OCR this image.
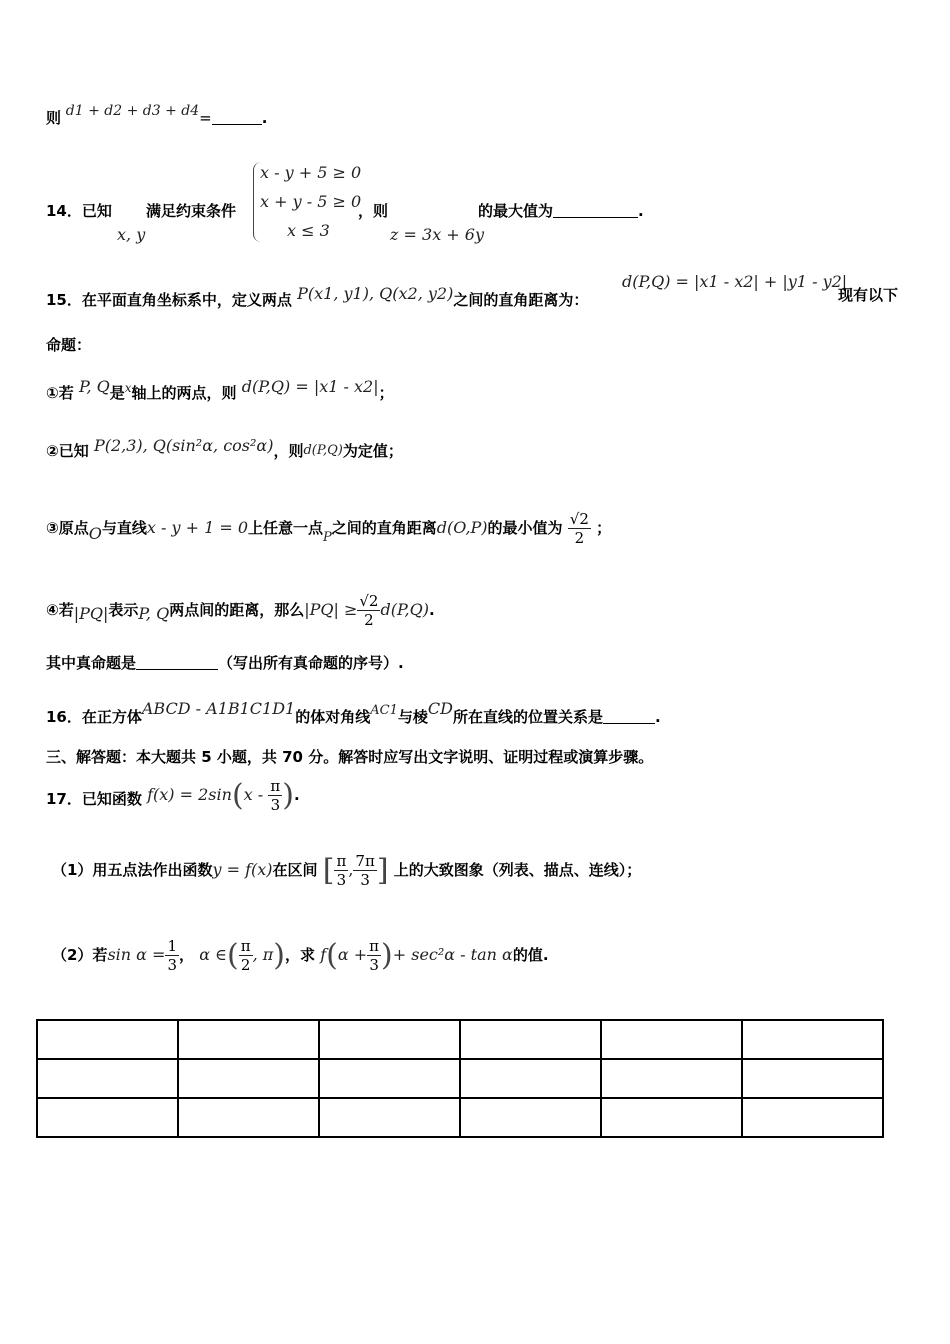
则 d1 + d2 + d3 + d4=	.
14．已知
x, y
满足约束条件
x - y + 5 ≥ 0
x + y - 5 ≥ 0
x ≤ 3
，则
z = 3x + 6y
的最大值为	.
15．在平面直角坐标系中，定义两点 P(x1, y1), Q(x2, y2)之间的直角距离为：
d(P,Q) = |x1 - x2| + |y1 - y2|
现有以下
命题：
①若 P, Q是$^x$轴上的两点，则 d(P,Q) = |x1 - x2|；
②已知 P(2,3), Q(sin²α, cos²α)，则d(P,Q)为定值；
③原点O与直线x - y + 1 = 0上任意一点P之间的直角距离d(O,P)的最小值为 $\frac{√2}{2}$ ；
④若|PQ|表示P, Q两点间的距离，那么$|PQ| \ge \frac{√2}{2} d(P,Q)$.
其中真命题是	（写出所有真命题的序号）.
16．在正方体ABCD - A1B1C1D1的体对角线AC1与棱CD所在直线的位置关系是	.
三、解答题：本大题共 5 小题，共 70 分。解答时应写出文字说明、证明过程或演算步骤。
17．已知函数 $f(x) = 2\sin(x - \frac{\pi}{3}$ ).
（1）用五点法作出函数y = f(x)在区间 [ $\frac{\pi}{3}$ , $\frac{7\pi}{3}$ ] 上的大致图象（列表、描点、连线）；
（2）若$\sin \alpha = \frac{1}{3}$ ， α ∈( $\frac{\pi}{2}$ , π)，求 $f(\alpha + \frac{\pi}{3}$ )+ sec²α - tan α的值.
